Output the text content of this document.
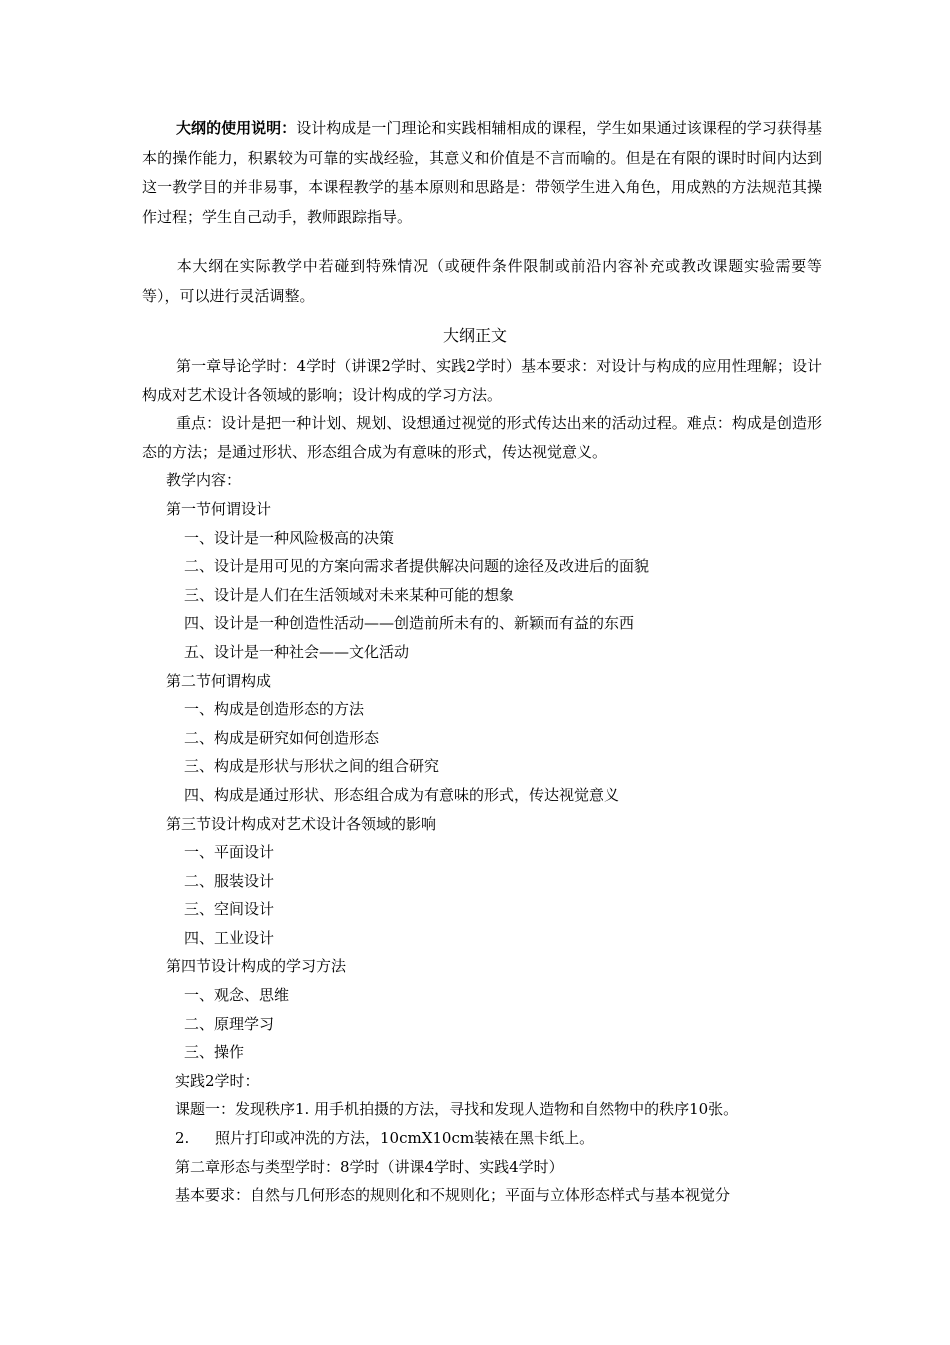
大纲的使用说明：设计构成是一门理论和实践相辅相成的课程，学生如果通过该课程的学习获得基本的操作能力，积累较为可靠的实战经验，其意义和价值是不言而喻的。但是在有限的课时时间内达到这一教学目的并非易事，本课程教学的基本原则和思路是：带领学生进入角色，用成熟的方法规范其操作过程；学生自己动手，教师跟踪指导。
本大纲在实际教学中若碰到特殊情况（或硬件条件限制或前沿内容补充或教改课题实验需要等等），可以进行灵活调整。
大纲正文
第一章导论学时：4学时（讲课2学时、实践2学时）基本要求：对设计与构成的应用性理解；设计构成对艺术设计各领域的影响；设计构成的学习方法。
重点：设计是把一种计划、规划、设想通过视觉的形式传达出来的活动过程。难点：构成是创造形态的方法；是通过形状、形态组合成为有意味的形式，传达视觉意义。
教学内容：
第一节何谓设计
一、设计是一种风险极高的决策
二、设计是用可见的方案向需求者提供解决问题的途径及改进后的面貌
三、设计是人们在生活领域对未来某种可能的想象
四、设计是一种创造性活动——创造前所未有的、新颖而有益的东西
五、设计是一种社会——文化活动
第二节何谓构成
一、构成是创造形态的方法
二、构成是研究如何创造形态
三、构成是形状与形状之间的组合研究
四、构成是通过形状、形态组合成为有意味的形式，传达视觉意义
第三节设计构成对艺术设计各领域的影响
一、平面设计
二、服装设计
三、空间设计
四、工业设计
第四节设计构成的学习方法
一、观念、思维
二、原理学习
三、操作
实践2学时：
课题一：发现秩序1. 用手机拍摄的方法，寻找和发现人造物和自然物中的秩序10张。
2. 照片打印或冲洗的方法，10cmX10cm装裱在黑卡纸上。
第二章形态与类型学时：8学时（讲课4学时、实践4学时）
基本要求：自然与几何形态的规则化和不规则化；平面与立体形态样式与基本视觉分
